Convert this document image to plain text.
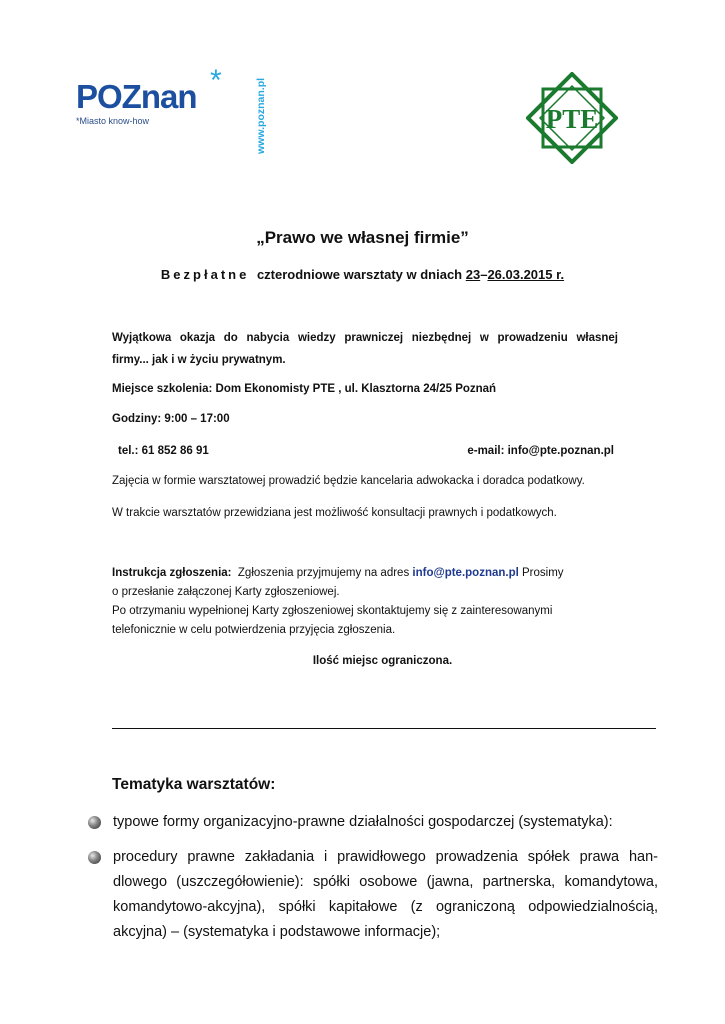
POZnan *
*Miasto know-how	www.poznan.pl	PTE
„Prawo we własnej firmie”
Bezpłatne czterodniowe warsztaty w dniach 23–26.03.2015 r.
Wyjątkowa okazja do nabycia wiedzy prawniczej niezbędnej w prowadzeniu własnej
firmy... jak i w życiu prywatnym.
Miejsce szkolenia: Dom Ekonomisty PTE , ul. Klasztorna 24/25 Poznań
Godziny: 9:00 – 17:00
tel.: 61 852 86 91	e-mail: info@pte.poznan.pl
Zajęcia w formie warsztatowej prowadzić będzie kancelaria adwokacka i doradca podatkowy.
W trakcie warsztatów przewidziana jest możliwość konsultacji prawnych i podatkowych.
Instrukcja zgłoszenia: Zgłoszenia przyjmujemy na adres info@pte.poznan.pl Prosimy
o przesłanie załączonej Karty zgłoszeniowej.
Po otrzymaniu wypełnionej Karty zgłoszeniowej skontaktujemy się z zainteresowanymi
telefonicznie w celu potwierdzenia przyjęcia zgłoszenia.
Ilość miejsc ograniczona.
Tematyka warsztatów:
typowe formy organizacyjno-prawne działalności gospodarczej (systematyka):
procedury prawne zakładania i prawidłowego prowadzenia spółek prawa han-dlowego (uszczegółowienie): spółki osobowe (jawna, partnerska, komandytowa, komandytowo-akcyjna), spółki kapitałowe (z ograniczoną odpowiedzialnością, akcyjna) – (systematyka i podstawowe informacje);
